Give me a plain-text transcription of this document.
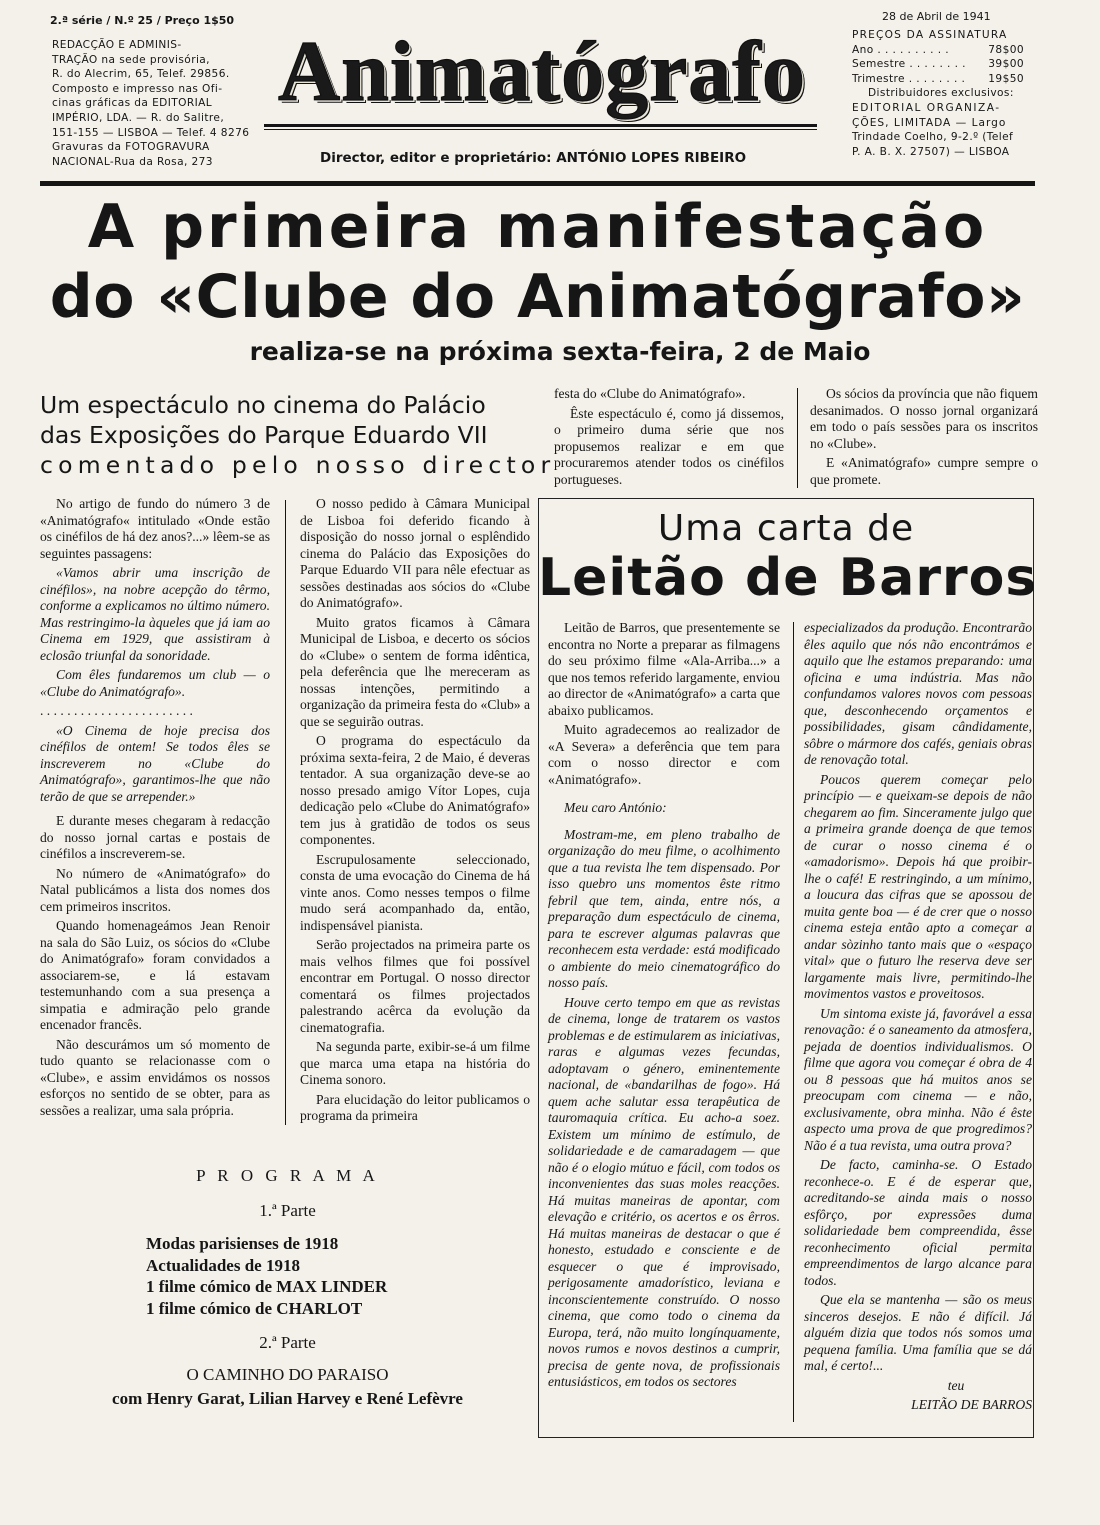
2.ª série / N.º 25 / Preço 1$50
REDACÇÃO E ADMINIS-
TRAÇÃO na sede provisória,
R. do Alecrim, 65, Telef. 29856.
Composto e impresso nas Ofi-
cinas gráficas da EDITORIAL
IMPÉRIO, LDA. — R. do Salitre,
151-155 — LISBOA — Telef. 4 8276
Gravuras da FOTOGRAVURA
NACIONAL-Rua da Rosa, 273
Animatógrafo
Director, editor e proprietário: ANTÓNIO LOPES RIBEIRO
28 de Abril de 1941
PREÇOS DA ASSINATURA
Ano . . . . . . . . . .	78$00
Semestre . . . . . . . . 39$00
Trimestre . . . . . . . . 19$50
Distribuidores exclusivos:
EDITORIAL ORGANIZA-
ÇÕES, LIMITADA — Largo
Trindade Coelho, 9-2.º (Telef
P. A. B. X. 27507) — LISBOA
A primeira manifestação
do «Clube do Animatógrafo»
realiza-se na próxima sexta-feira, 2 de Maio
Um espectáculo no cinema do Palácio
das Exposições do Parque Eduardo VII
comentado pelo nosso director

No artigo de fundo do número 3 de «Animatógrafo« intitulado «Onde estão os cinéfilos de há dez anos?...» lêem-se as seguintes passagens:

«Vamos abrir uma inscrição de cinéfilos», na nobre acepção do têrmo, conforme a explicamos no último número. Mas restringimo-la àqueles que já iam ao Cinema em 1929, que assistiram à eclosão triunfal da sonoridade.

Com êles fundaremos um club — o «Clube do Animatógrafo».

. . . . . . . . . . . . . . . . . . . . . . .

«O Cinema de hoje precisa dos cinéfilos de ontem! Se todos êles se inscreverem no «Clube do Animatógrafo», garantimos-lhe que não terão de que se arrepender.»

E durante meses chegaram à redacção do nosso jornal cartas e postais de cinéfilos a inscreverem-se.

No número de «Animatógrafo» do Natal publicámos a lista dos nomes dos cem primeiros inscritos.

Quando homenageámos Jean Renoir na sala do São Luiz, os sócios do «Clube do Animatógrafo» foram convidados a associarem-se, e lá estavam testemunhando com a sua presença a simpatia e admiração pelo grande encenador francês.

Não descurámos um só momento de tudo quanto se relacionasse com o «Clube», e assim envidámos os nossos esforços no sentido de se obter, para as sessões a realizar, uma sala própria.

O nosso pedido à Câmara Municipal de Lisboa foi deferido ficando à disposição do nosso jornal o esplêndido cinema do Palácio das Exposições do Parque Eduardo VII para nêle efectuar as sessões destinadas aos sócios do «Clube do Animatógrafo».

Muito gratos ficamos à Câmara Municipal de Lisboa, e decerto os sócios do «Clube» o sentem de forma idêntica, pela deferência que lhe mereceram as nossas intenções, permitindo a organização da primeira festa do «Club» a que se seguirão outras.

O programa do espectáculo da próxima sexta-feira, 2 de Maio, é deveras tentador. A sua organização deve-se ao nosso presado amigo Vítor Lopes, cuja dedicação pelo «Clube do Animatógrafo» tem jus à gratidão de todos os seus componentes.

Escrupulosamente seleccionado, consta de uma evocação do Cinema de há vinte anos. Como nesses tempos o filme mudo será acompanhado da, então, indispensável pianista.

Serão projectados na primeira parte os mais velhos filmes que foi possível encontrar em Portugal. O nosso director comentará os filmes projectados palestrando acêrca da evolução da cinematografia.

Na segunda parte, exibir-se-á um filme que marca uma etapa na história do Cinema sonoro.

Para elucidação do leitor publicamos o programa da primeira

festa do «Clube do Animatógrafo».

Êste espectáculo é, como já dissemos, o primeiro duma série que nos propusemos realizar e em que procuraremos atender todos os cinéfilos portugueses.

Os sócios da província que não fiquem desanimados. O nosso jornal organizará em todo o país sessões para os inscritos no «Clube».

E «Animatógrafo» cumpre sempre o que promete.

Uma carta de
Leitão de Barros

Leitão de Barros, que presentemente se encontra no Norte a preparar as filmagens do seu próximo filme «Ala-Arriba...» a que nos temos referido largamente, enviou ao director de «Animatógrafo» a carta que abaixo publicamos.

Muito agradecemos ao realizador de «A Severa» a deferência que tem para com o nosso director e com «Animatógrafo».

Meu caro António:

Mostram-me, em pleno trabalho de organização do meu filme, o acolhimento que a tua revista lhe tem dispensado. Por isso quebro uns momentos êste ritmo febril que tem, ainda, entre nós, a preparação dum espectáculo de cinema, para te escrever algumas palavras que reconhecem esta verdade: está modificado o ambiente do meio cinematográfico do nosso país.

Houve certo tempo em que as revistas de cinema, longe de tratarem os vastos problemas e de estimularem as iniciativas, raras e algumas vezes fecundas, adoptavam o género, eminentemente nacional, de «bandarilhas de fogo». Há quem ache salutar essa terapêutica de tauromaquia crítica. Eu acho-a soez. Existem um mínimo de estímulo, de solidariedade e de camaradagem — que não é o elogio mútuo e fácil, com todos os inconvenientes das suas moles reacções. Há muitas maneiras de apontar, com elevação e critério, os acertos e os êrros. Há muitas maneiras de destacar o que é honesto, estudado e consciente e de esquecer o que é improvisado, perigosamente amadorístico, leviana e inconscientemente construído. O nosso cinema, que como todo o cinema da Europa, terá, não muito longínquamente, novos rumos e novos destinos a cumprir, precisa de gente nova, de profissionais entusiásticos, em todos os sectores

especializados da produção. Encontrarão êles aquilo que nós não encontrámos e aquilo que lhe estamos preparando: uma oficina e uma indústria. Mas não confundamos valores novos com pessoas que, desconhecendo orçamentos e possibilidades, gisam cândidamente, sôbre o mármore dos cafés, geniais obras de renovação total.

Poucos querem começar pelo princípio — e queixam-se depois de não chegarem ao fim. Sinceramente julgo que a primeira grande doença de que temos de curar o nosso cinema é o «amadorismo». Depois há que proibir-lhe o café! E restringindo, a um mínimo, a loucura das cifras que se apossou de muita gente boa — é de crer que o nosso cinema esteja então apto a começar a andar sòzinho tanto mais que o «espaço vital» que o futuro lhe reserva deve ser largamente mais livre, permitindo-lhe movimentos vastos e proveitosos.

Um sintoma existe já, favorável a essa renovação: é o saneamento da atmosfera, pejada de doentios individualismos. O filme que agora vou começar é obra de 4 ou 8 pessoas que há muitos anos se preocupam com cinema — e não, exclusivamente, obra minha. Não é êste aspecto uma prova de que progredimos? Não é a tua revista, uma outra prova?

De facto, caminha-se. O Estado reconhece-o. E é de esperar que, acreditando-se ainda mais o nosso esfôrço, por expressões duma solidariedade bem compreendida, êsse reconhecimento oficial permita empreendimentos de largo alcance para todos.

Que ela se mantenha — são os meus sinceros desejos. E não é difícil. Já alguém dizia que todos nós somos uma pequena família. Uma família que se dá mal, é certo!...

teu

LEITÃO DE BARROS

P R O G R A M A
1.ª Parte
Modas parisienses de 1918
Actualidades de 1918
1 filme cómico de MAX LINDER
1 filme cómico de CHARLOT
2.ª Parte
O CAMINHO DO PARAISO
com Henry Garat, Lilian Harvey e René Lefèvre
